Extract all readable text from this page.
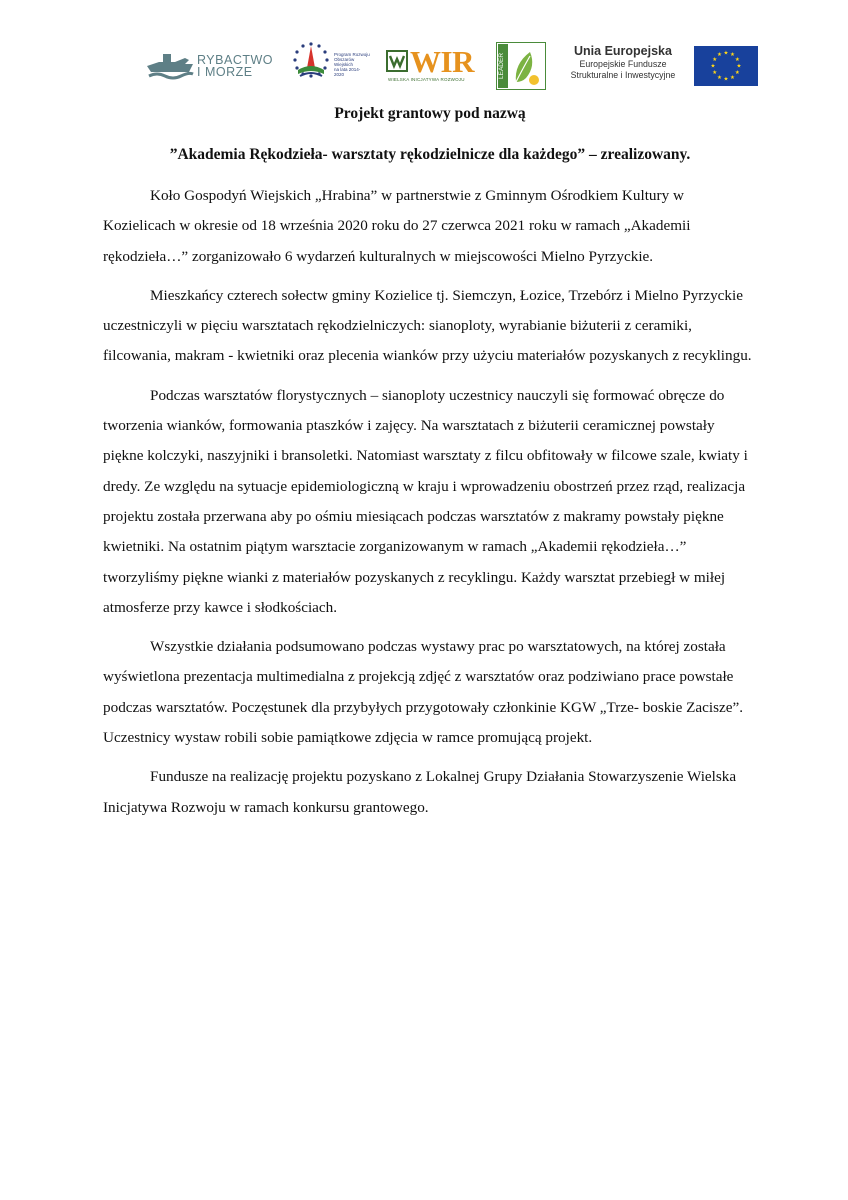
RYBACTWO
I MORZE
Program Rozwoju Obszarów Wiejskich
na lata 2014-2020	WIR
WIELSKA INICJATYWA ROZWOJU
LEADER
Unia Europejska
Europejskie Fundusze
Strukturalne i Inwestycyjne
★ ★
★
★
★
★
★
★
★
★
★
★

Projekt grantowy pod nazwą

”Akademia Rękodzieła- warsztaty rękodzielnicze dla każdego” – zrealizowany.

Koło Gospodyń Wiejskich „Hrabina” w partnerstwie z Gminnym Ośrodkiem Kultury w Kozielicach w okresie od 18 września 2020 roku do 27 czerwca 2021 roku w ramach „Akademii rękodzieła…” zorganizowało 6 wydarzeń kulturalnych w miejscowości Mielno Pyrzyckie.

Mieszkańcy czterech sołectw gminy Kozielice tj. Siemczyn, Łozice, Trzebórz i Mielno Pyrzyckie uczestniczyli w pięciu warsztatach rękodzielniczych: sianoploty, wyrabianie biżuterii z ceramiki, filcowania, makram - kwietniki oraz plecenia wianków przy użyciu materiałów pozyskanych z recyklingu.

Podczas warsztatów florystycznych – sianoploty uczestnicy nauczyli się formować obręcze do tworzenia wianków, formowania ptaszków i zajęcy. Na warsztatach z biżuterii ceramicznej powstały piękne kolczyki, naszyjniki i bransoletki. Natomiast warsztaty z filcu obfitowały w filcowe szale, kwiaty i dredy. Ze względu na sytuacje epidemiologiczną w kraju i wprowadzeniu obostrzeń przez rząd, realizacja projektu została przerwana aby po ośmiu miesiącach podczas warsztatów z makramy powstały piękne kwietniki. Na ostatnim piątym warsztacie zorganizowanym w ramach „Akademii rękodzieła…” tworzyliśmy piękne wianki z materiałów pozyskanych z recyklingu. Każdy warsztat przebiegł w miłej atmosferze przy kawce i słodkościach.

Wszystkie działania podsumowano podczas wystawy prac po warsztatowych, na której została wyświetlona prezentacja multimedialna z projekcją zdjęć z warsztatów oraz podziwiano prace powstałe podczas warsztatów. Poczęstunek dla przybyłych przygotowały członkinie KGW „Trze- boskie Zacisze”. Uczestnicy wystaw robili sobie pamiątkowe zdjęcia w ramce promującą projekt.

Fundusze na realizację projektu pozyskano z Lokalnej Grupy Działania Stowarzyszenie Wielska Inicjatywa Rozwoju w ramach konkursu grantowego.
